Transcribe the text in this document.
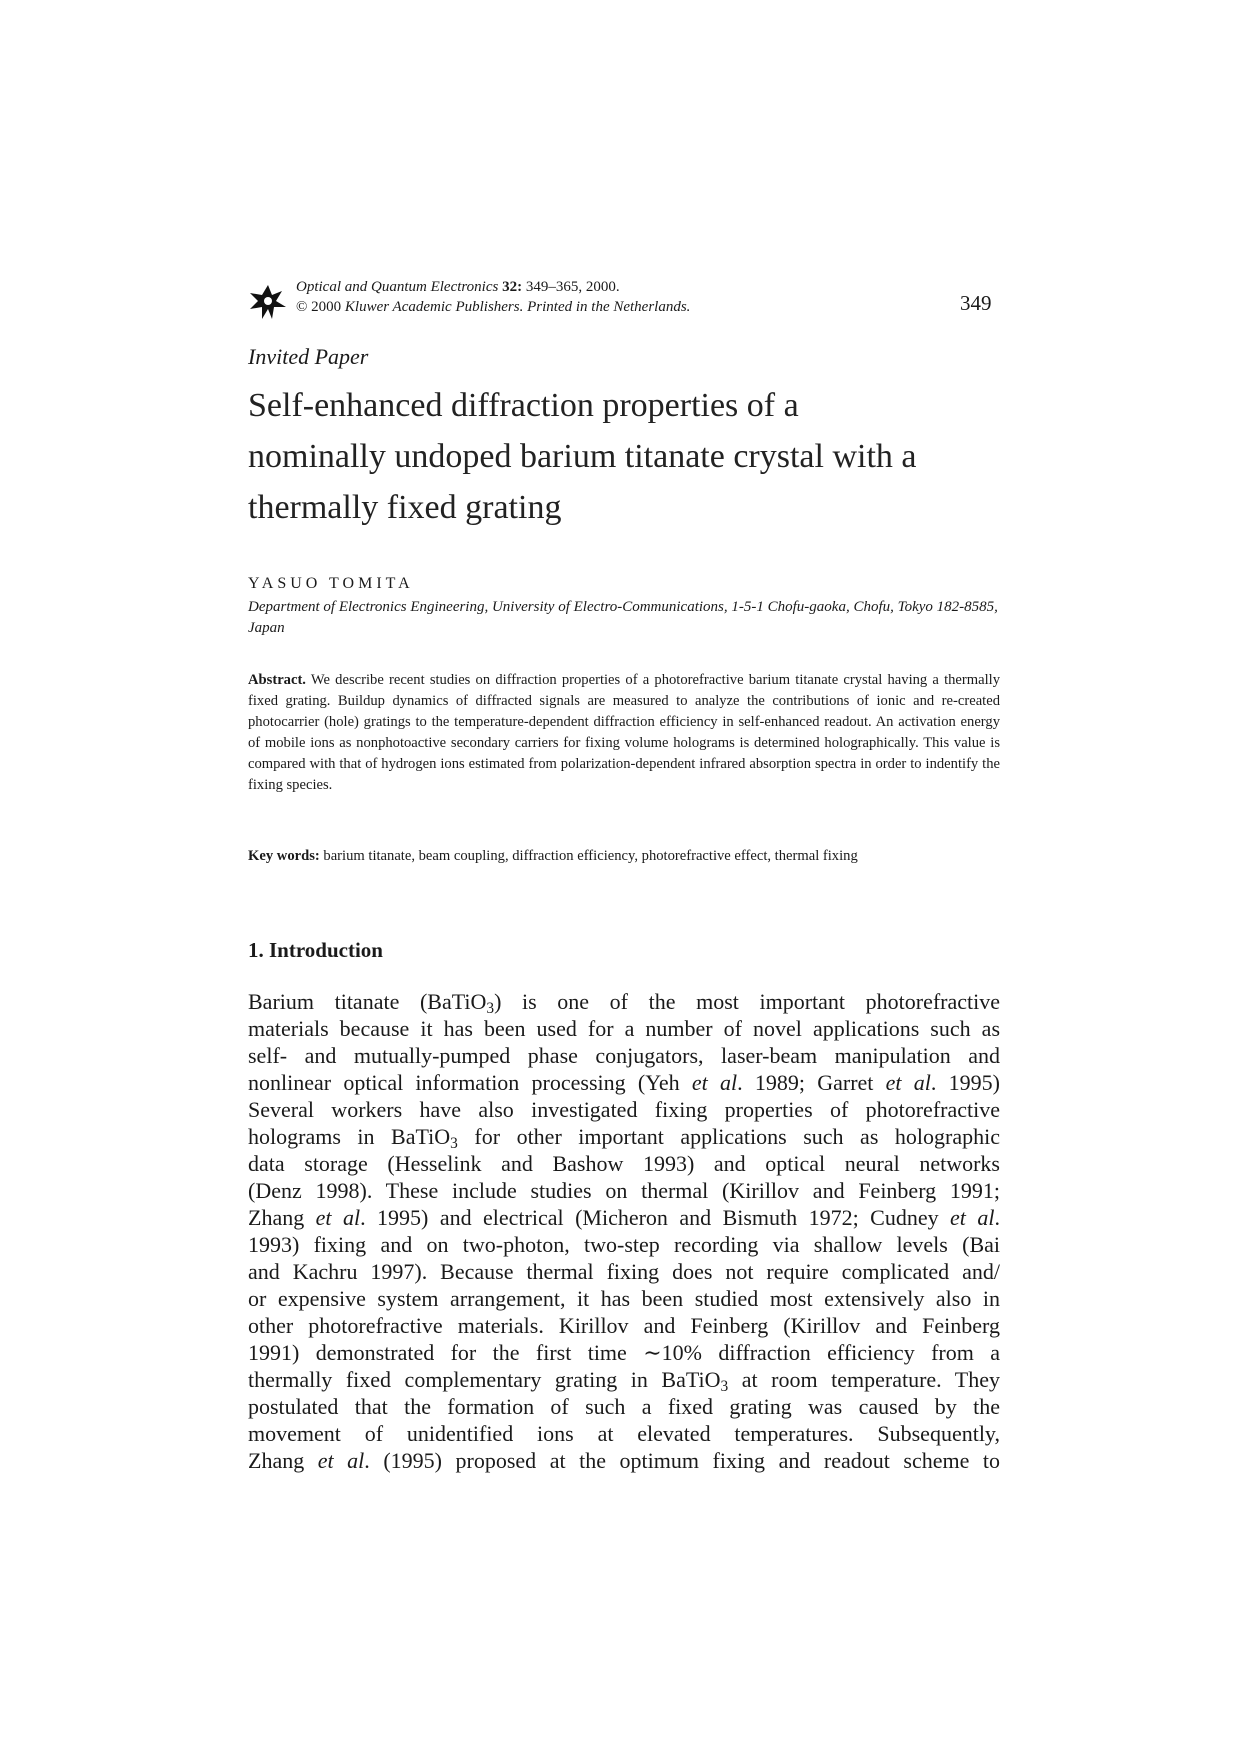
Optical and Quantum Electronics 32: 349–365, 2000.
© 2000 Kluwer Academic Publishers. Printed in the Netherlands.	349
Invited Paper
Self-enhanced diffraction properties of a
nominally undoped barium titanate crystal with a
thermally fixed grating
YASUO TOMITA
Department of Electronics Engineering, University of Electro-Communications, 1-5-1 Chofu-gaoka, Chofu, Tokyo 182-8585, Japan
Abstract. We describe recent studies on diffraction properties of a photorefractive barium titanate crystal having a thermally fixed grating. Buildup dynamics of diffracted signals are measured to analyze the contributions of ionic and re-created photocarrier (hole) gratings to the temperature-dependent diffraction efficiency in self-enhanced readout. An activation energy of mobile ions as nonphotoactive secondary carriers for fixing volume holograms is determined holographically. This value is compared with that of hydrogen ions estimated from polarization-dependent infrared absorption spectra in order to indentify the fixing species.
Key words: barium titanate, beam coupling, diffraction efficiency, photorefractive effect, thermal fixing
1. Introduction
Barium titanate (BaTiO$_3$) is one of the most important photorefractive
materials because it has been used for a number of novel applications such as
self- and mutually-pumped phase conjugators, laser-beam manipulation and
nonlinear optical information processing (Yeh et al. 1989; Garret et al. 1995)
Several workers have also investigated fixing properties of photorefractive
holograms in BaTiO$_3$ for other important applications such as holographic
data storage (Hesselink and Bashow 1993) and optical neural networks
(Denz 1998). These include studies on thermal (Kirillov and Feinberg 1991;
Zhang et al. 1995) and electrical (Micheron and Bismuth 1972; Cudney et al.
1993) fixing and on two-photon, two-step recording via shallow levels (Bai
and Kachru 1997). Because thermal fixing does not require complicated and/
or expensive system arrangement, it has been studied most extensively also in
other photorefractive materials. Kirillov and Feinberg (Kirillov and Feinberg
1991) demonstrated for the first time ∼10% diffraction efficiency from a
thermally fixed complementary grating in BaTiO$_3$ at room temperature. They
postulated that the formation of such a fixed grating was caused by the
movement of unidentified ions at elevated temperatures. Subsequently,
Zhang et al. (1995) proposed at the optimum fixing and readout scheme to
